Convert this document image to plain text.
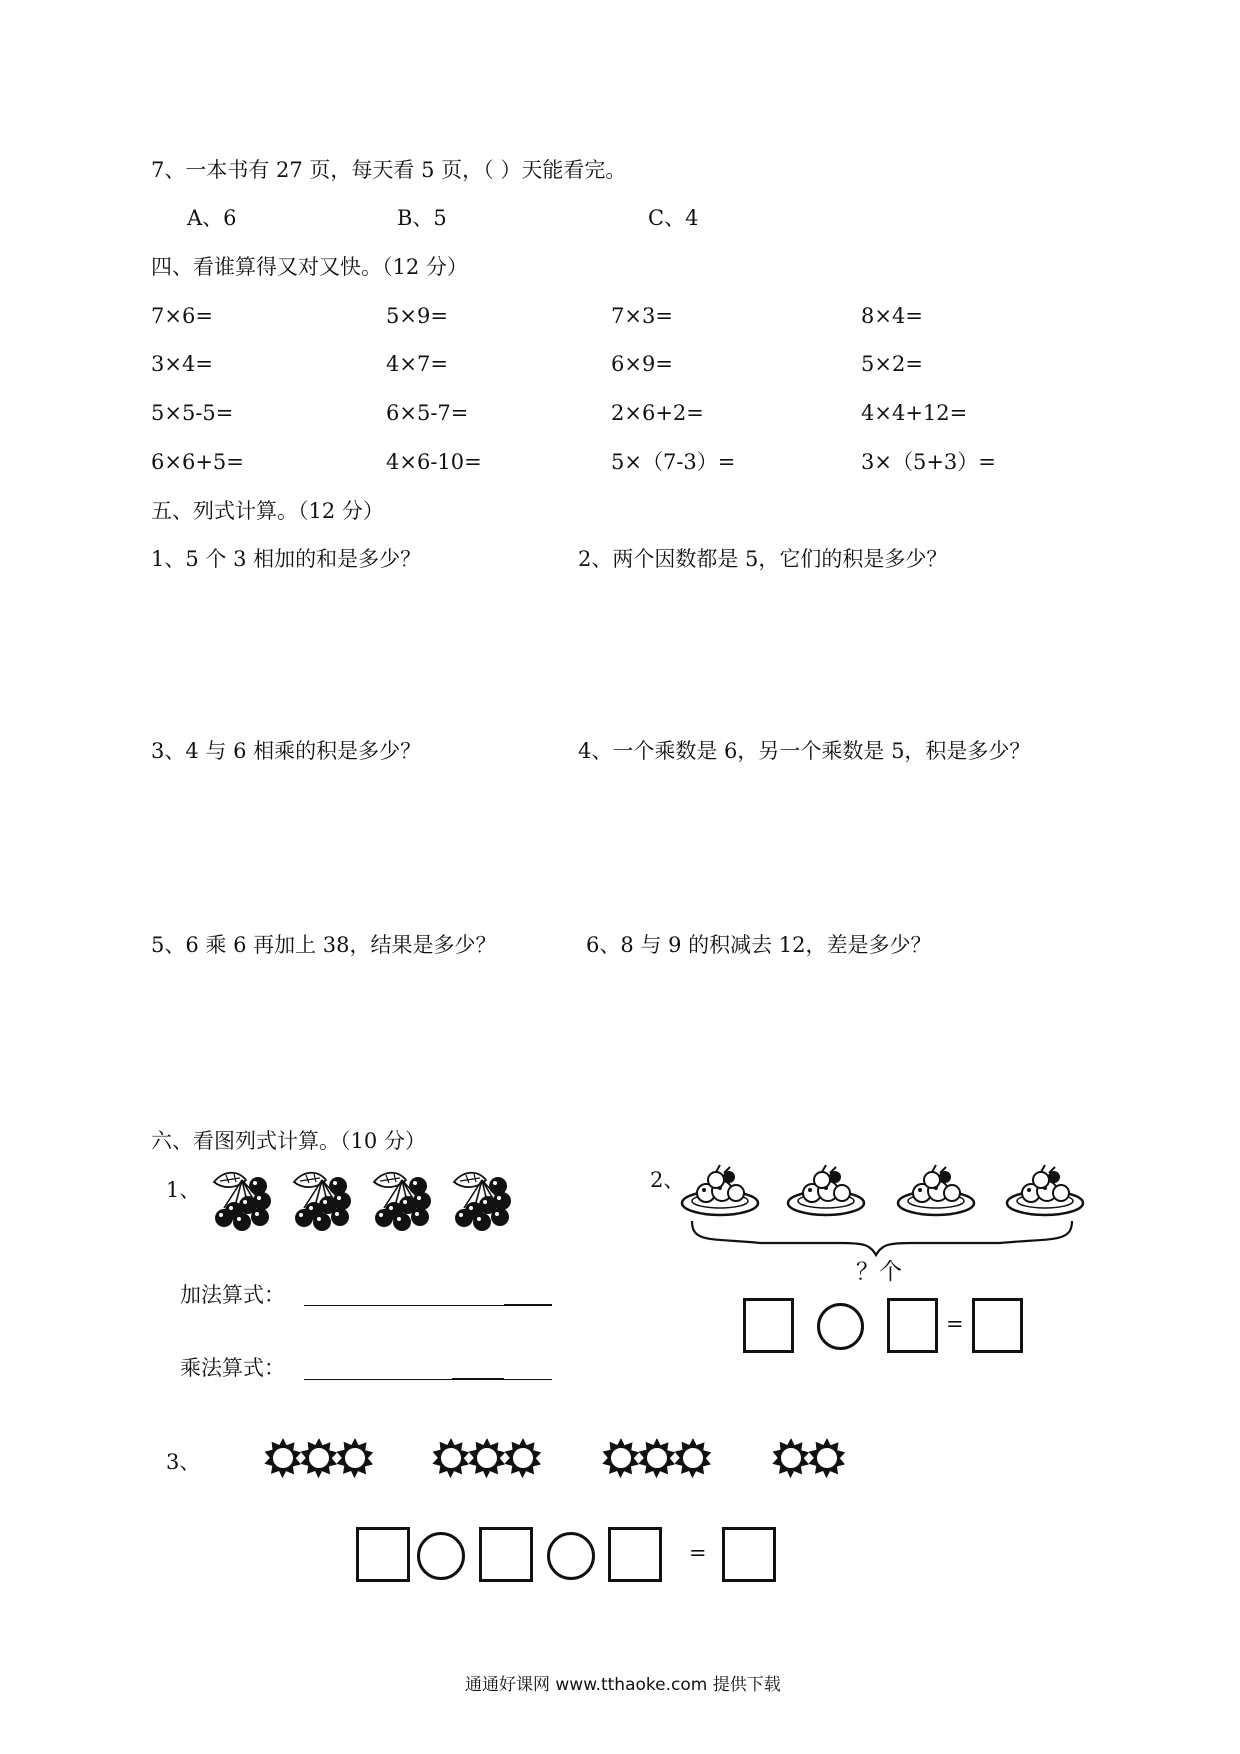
7、一本书有 27 页，每天看 5 页，（ ）天能看完。
A、6	B、5	C、4
四、看谁算得又对又快。（12 分）
7×6=	5×9=	7×3=	8×4=
3×4=	4×7=	6×9=	5×2=
5×5-5=	6×5-7=	2×6+2=	4×4+12=
6×6+5=	4×6-10=	5×（7-3）=	3×（5+3）=
五、列式计算。（12 分）
1、5 个 3 相加的和是多少？	2、两个因数都是 5，它们的积是多少？
3、4 与 6 相乘的积是多少？	4、一个乘数是 6，另一个乘数是 5，积是多少？
5、6 乘 6 再加上 38，结果是多少？	6、8 与 9 的积减去 12，差是多少？
六、看图列式计算。（10 分）
1、
加法算式：
乘法算式：
2、
？个
=
3、
=
通通好课网 www.tthaoke.com 提供下载
